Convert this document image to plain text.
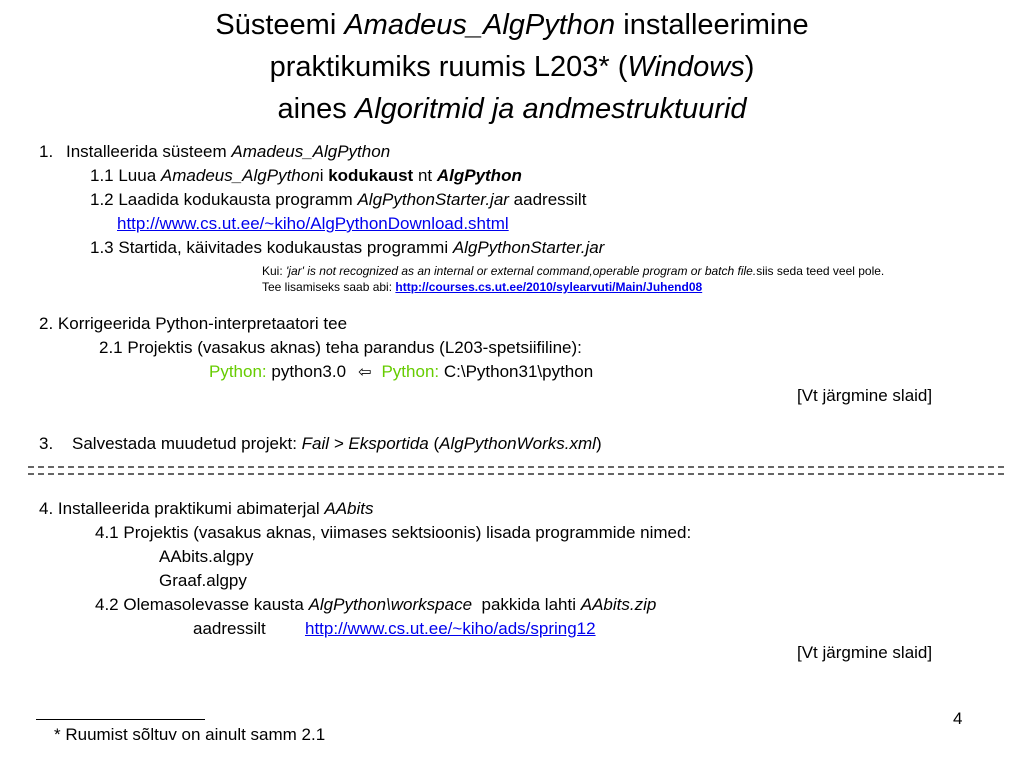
Süsteemi Amadeus_AlgPython installeerimine
praktikumiks ruumis L203* (Windows)
aines Algoritmid ja andmestruktuurid
1. Installeerida süsteem Amadeus_AlgPython
1.1 Luua Amadeus_AlgPythoni kodukaust nt AlgPython
1.2 Laadida kodukausta programm AlgPythonStarter.jar aadressilt
http://www.cs.ut.ee/~kiho/AlgPythonDownload.shtml
1.3 Startida, käivitades kodukaustas programmi AlgPythonStarter.jar
Kui: 'jar' is not recognized as an internal or external command,operable program or batch file.siis seda teed veel pole.
Tee lisamiseks saab abi: http://courses.cs.ut.ee/2010/sylearvuti/Main/Juhend08
2. Korrigeerida Python-interpretaatori tee
2.1 Projektis (vasakus aknas) teha parandus (L203-spetsiifiline):
Python: python3.0 ⇦ Python: C:\Python31\python
[Vt järgmine slaid]
3. Salvestada muudetud projekt: Fail > Eksportida (AlgPythonWorks.xml)
4. Installeerida praktikumi abimaterjal AAbits
4.1 Projektis (vasakus aknas, viimases sektsioonis) lisada programmide nimed:
AAbits.algpy
Graaf.algpy
4.2 Olemasolevasse kausta AlgPython\workspace  pakkida lahti AAbits.zip
aadressilt http://www.cs.ut.ee/~kiho/ads/spring12
[Vt järgmine slaid]
4
* Ruumist sõltuv on ainult samm 2.1
